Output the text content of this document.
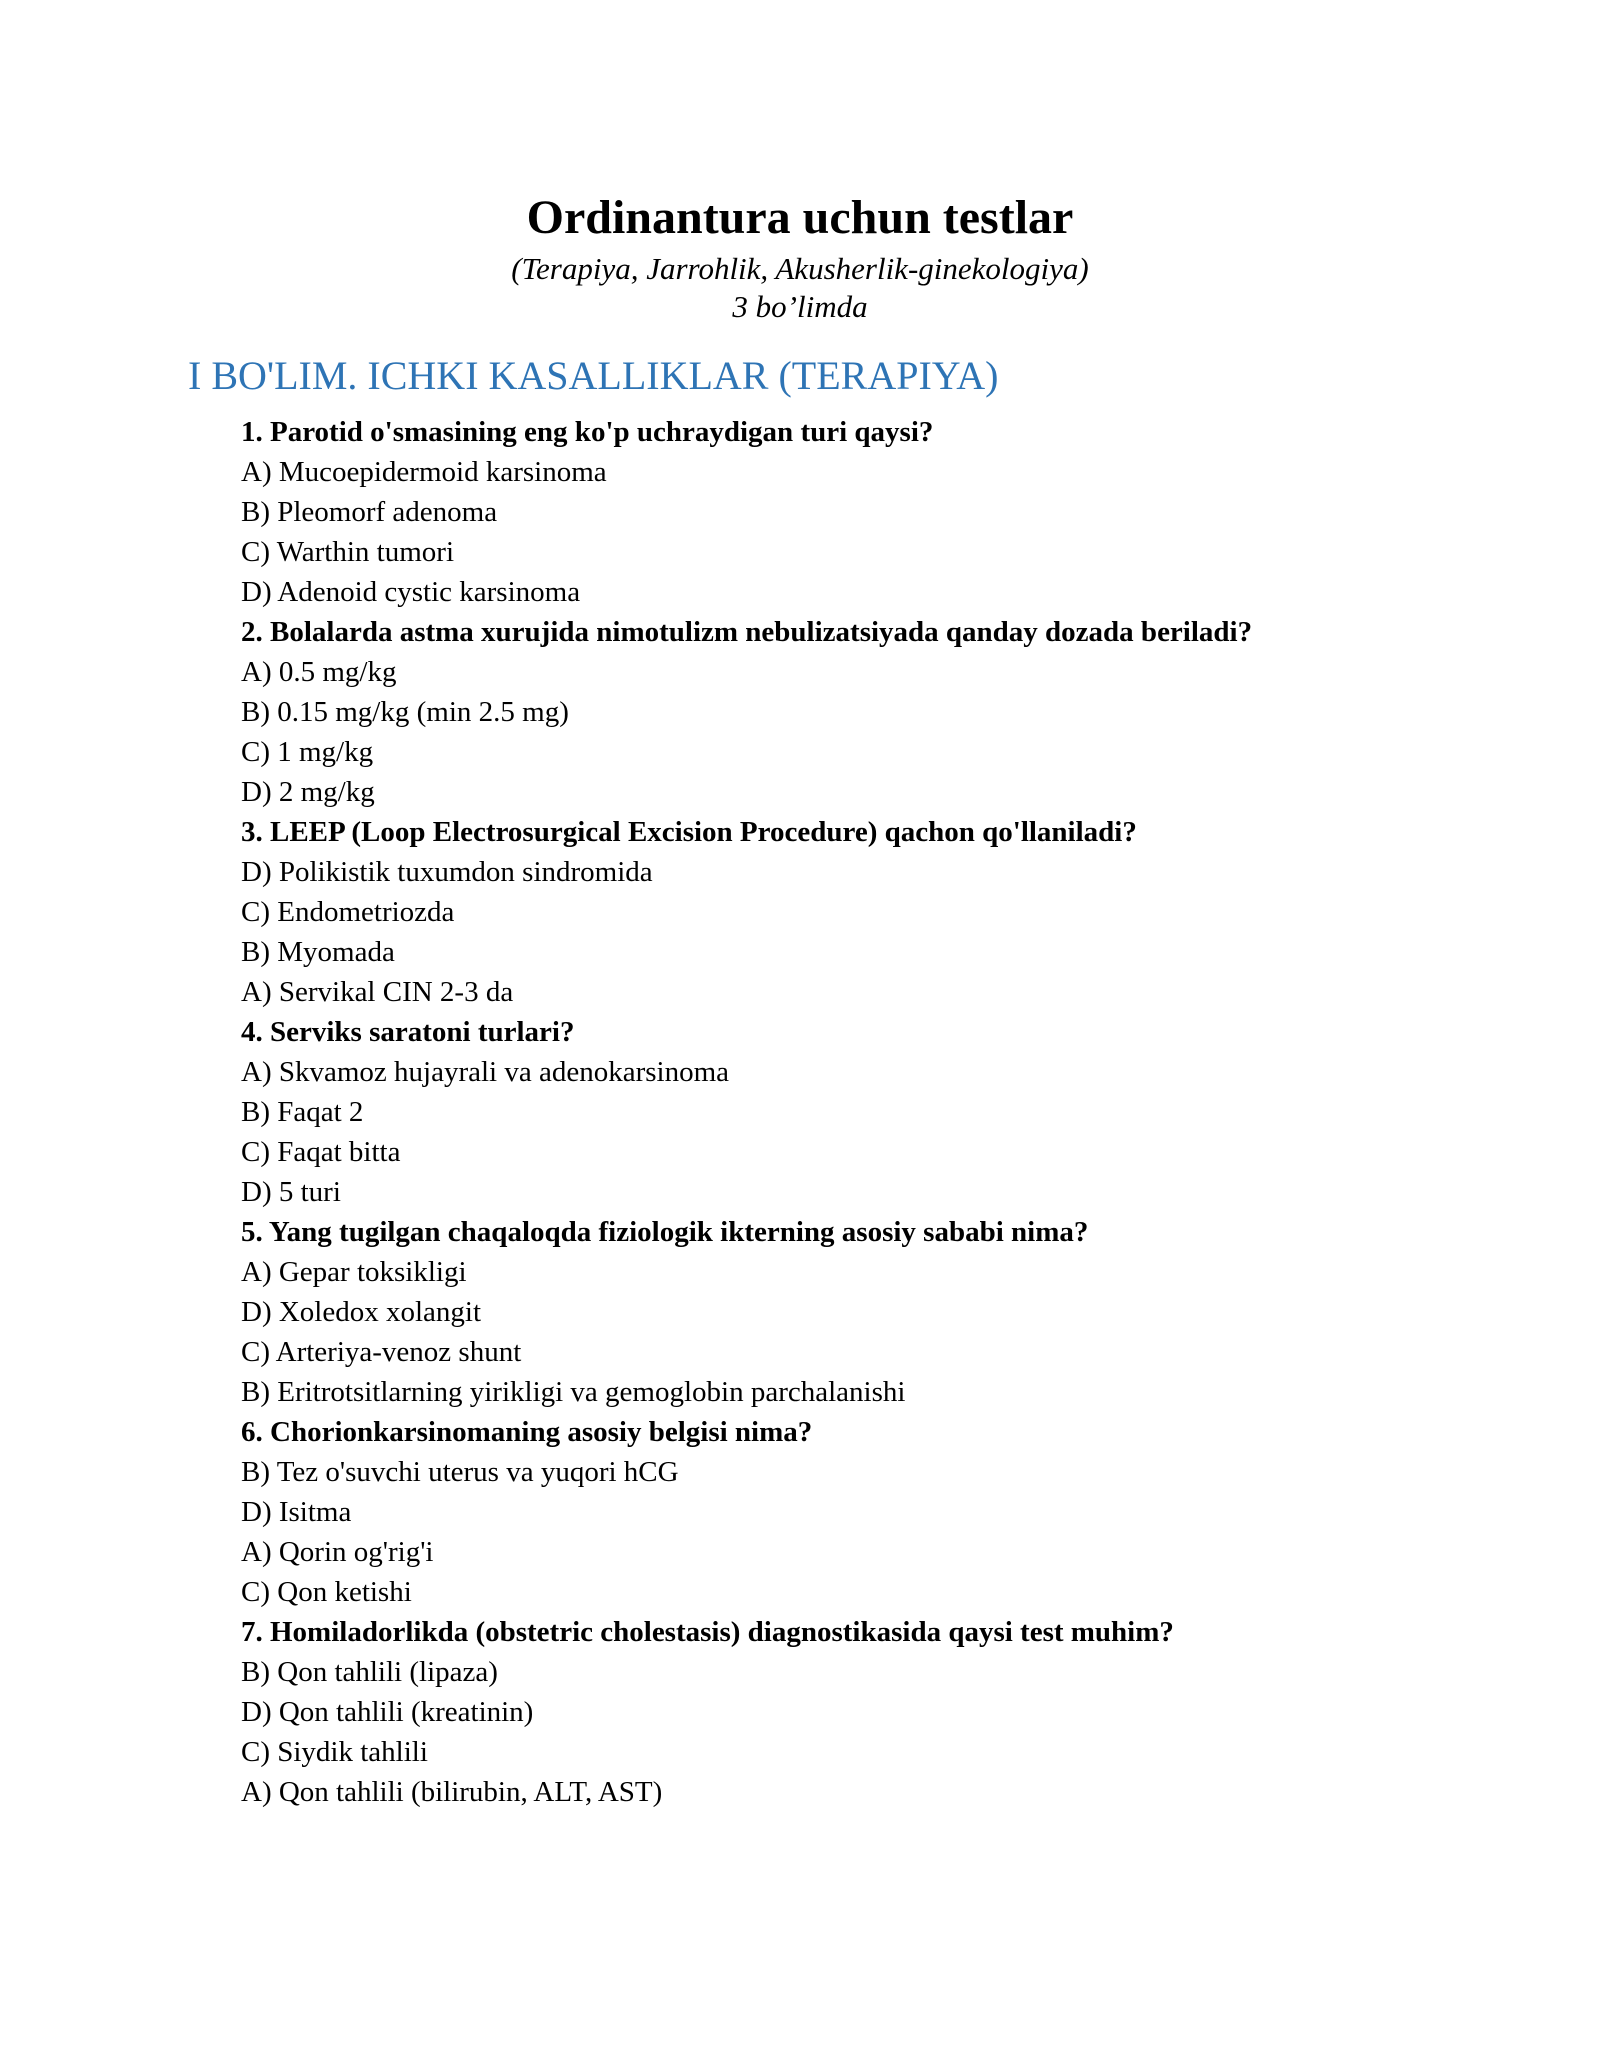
Ordinantura uchun testlar
(Terapiya, Jarrohlik, Akusherlik-ginekologiya)
3 bo’limda
I BO'LIM. ICHKI KASALLIKLAR (TERAPIYA)
1. Parotid o'smasining eng ko'p uchraydigan turi qaysi?
A) Mucoepidermoid karsinoma
B) Pleomorf adenoma
C) Warthin tumori
D) Adenoid cystic karsinoma
2. Bolalarda astma xurujida nimotulizm nebulizatsiyada qanday dozada beriladi?
A) 0.5 mg/kg
B) 0.15 mg/kg (min 2.5 mg)
C) 1 mg/kg
D) 2 mg/kg
3. LEEP (Loop Electrosurgical Excision Procedure) qachon qo'llaniladi?
D) Polikistik tuxumdon sindromida
C) Endometriozda
B) Myomada
A) Servikal CIN 2-3 da
4. Serviks saratoni turlari?
A) Skvamoz hujayrali va adenokarsinoma
B) Faqat 2
C) Faqat bitta
D) 5 turi
5. Yang tugilgan chaqaloqda fiziologik ikterning asosiy sababi nima?
A) Gepar toksikligi
D) Xoledox xolangit
C) Arteriya-venoz shunt
B) Eritrotsitlarning yirikligi va gemoglobin parchalanishi
6. Chorionkarsinomaning asosiy belgisi nima?
B) Tez o'suvchi uterus va yuqori hCG
D) Isitma
A) Qorin og'rig'i
C) Qon ketishi
7. Homiladorlikda (obstetric cholestasis) diagnostikasida qaysi test muhim?
B) Qon tahlili (lipaza)
D) Qon tahlili (kreatinin)
C) Siydik tahlili
A) Qon tahlili (bilirubin, ALT, AST)
